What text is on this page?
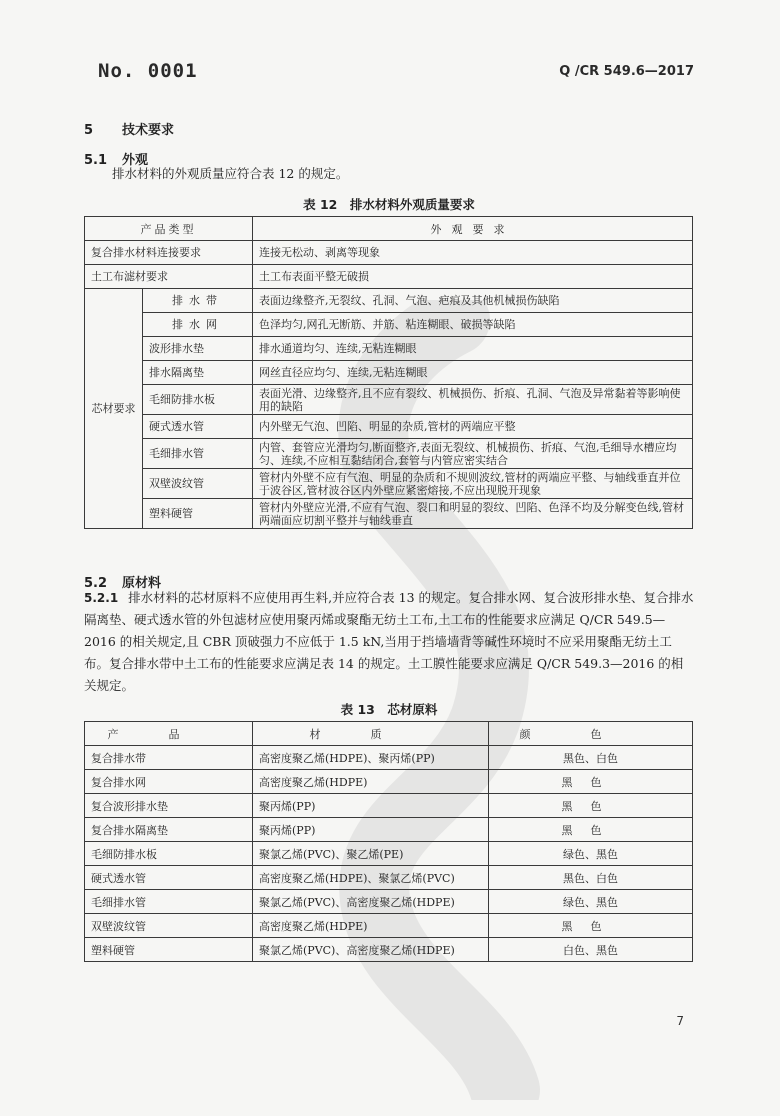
No. 0001	Q /CR 549.6—2017
5 技术要求
5.1 外观
排水材料的外观质量应符合表 12 的规定。
表 12　排水材料外观质量要求
产品类型		外观要求
复合排水材料连接要求		连接无松动、剥离等现象
土工布滤材要求		土工布表面平整无破损
芯材要求	排水带	表面边缘整齐,无裂纹、孔洞、气泡、疤痕及其他机械损伤缺陷
	排水网	色泽均匀,网孔无断筋、并筋、粘连糊眼、破损等缺陷
	波形排水垫	排水通道均匀、连续,无粘连糊眼
	排水隔离垫	网丝直径应均匀、连续,无粘连糊眼
	毛细防排水板	表面光滑、边缘整齐,且不应有裂纹、机械损伤、折痕、孔洞、气泡及异常黏着等影响使用的缺陷
	硬式透水管	内外壁无气泡、凹陷、明显的杂质,管材的两端应平整
	毛细排水管	内管、套管应光滑均匀,断面整齐,表面无裂纹、机械损伤、折痕、气泡,毛细导水槽应均匀、连续,不应相互黏结闭合,套管与内管应密实结合
	双壁波纹管	管材内外壁不应有气泡、明显的杂质和不规则波纹,管材的两端应平整、与轴线垂直并位于波谷区,管材波谷区内外壁应紧密熔接,不应出现脱开现象
	塑料硬管	管材内外壁应光滑,不应有气泡、裂口和明显的裂纹、凹陷、色泽不均及分解变色线,管材两端面应切割平整并与轴线垂直
5.2 原材料
5.2.1 排水材料的芯材原料不应使用再生料,并应符合表 13 的规定。复合排水网、复合波形排水垫、复合排水隔离垫、硬式透水管的外包滤材应使用聚丙烯或聚酯无纺土工布,土工布的性能要求应满足 Q/CR 549.5—2016 的相关规定,且 CBR 顶破强力不应低于 1.5 kN,当用于挡墙墙背等碱性环境时不应采用聚酯无纺土工布。复合排水带中土工布的性能要求应满足表 14 的规定。土工膜性能要求应满足 Q/CR 549.3—2016 的相关规定。
表 13　芯材原料
产品	材质	颜色
复合排水带	高密度聚乙烯(HDPE)、聚丙烯(PP)	黑色、白色
复合排水网	高密度聚乙烯(HDPE)	黑色
复合波形排水垫	聚丙烯(PP)	黑色
复合排水隔离垫	聚丙烯(PP)	黑色
毛细防排水板	聚氯乙烯(PVC)、聚乙烯(PE)	绿色、黑色
硬式透水管	高密度聚乙烯(HDPE)、聚氯乙烯(PVC)	黑色、白色
毛细排水管	聚氯乙烯(PVC)、高密度聚乙烯(HDPE)	绿色、黑色
双壁波纹管	高密度聚乙烯(HDPE)	黑色
塑料硬管	聚氯乙烯(PVC)、高密度聚乙烯(HDPE)	白色、黑色
7
